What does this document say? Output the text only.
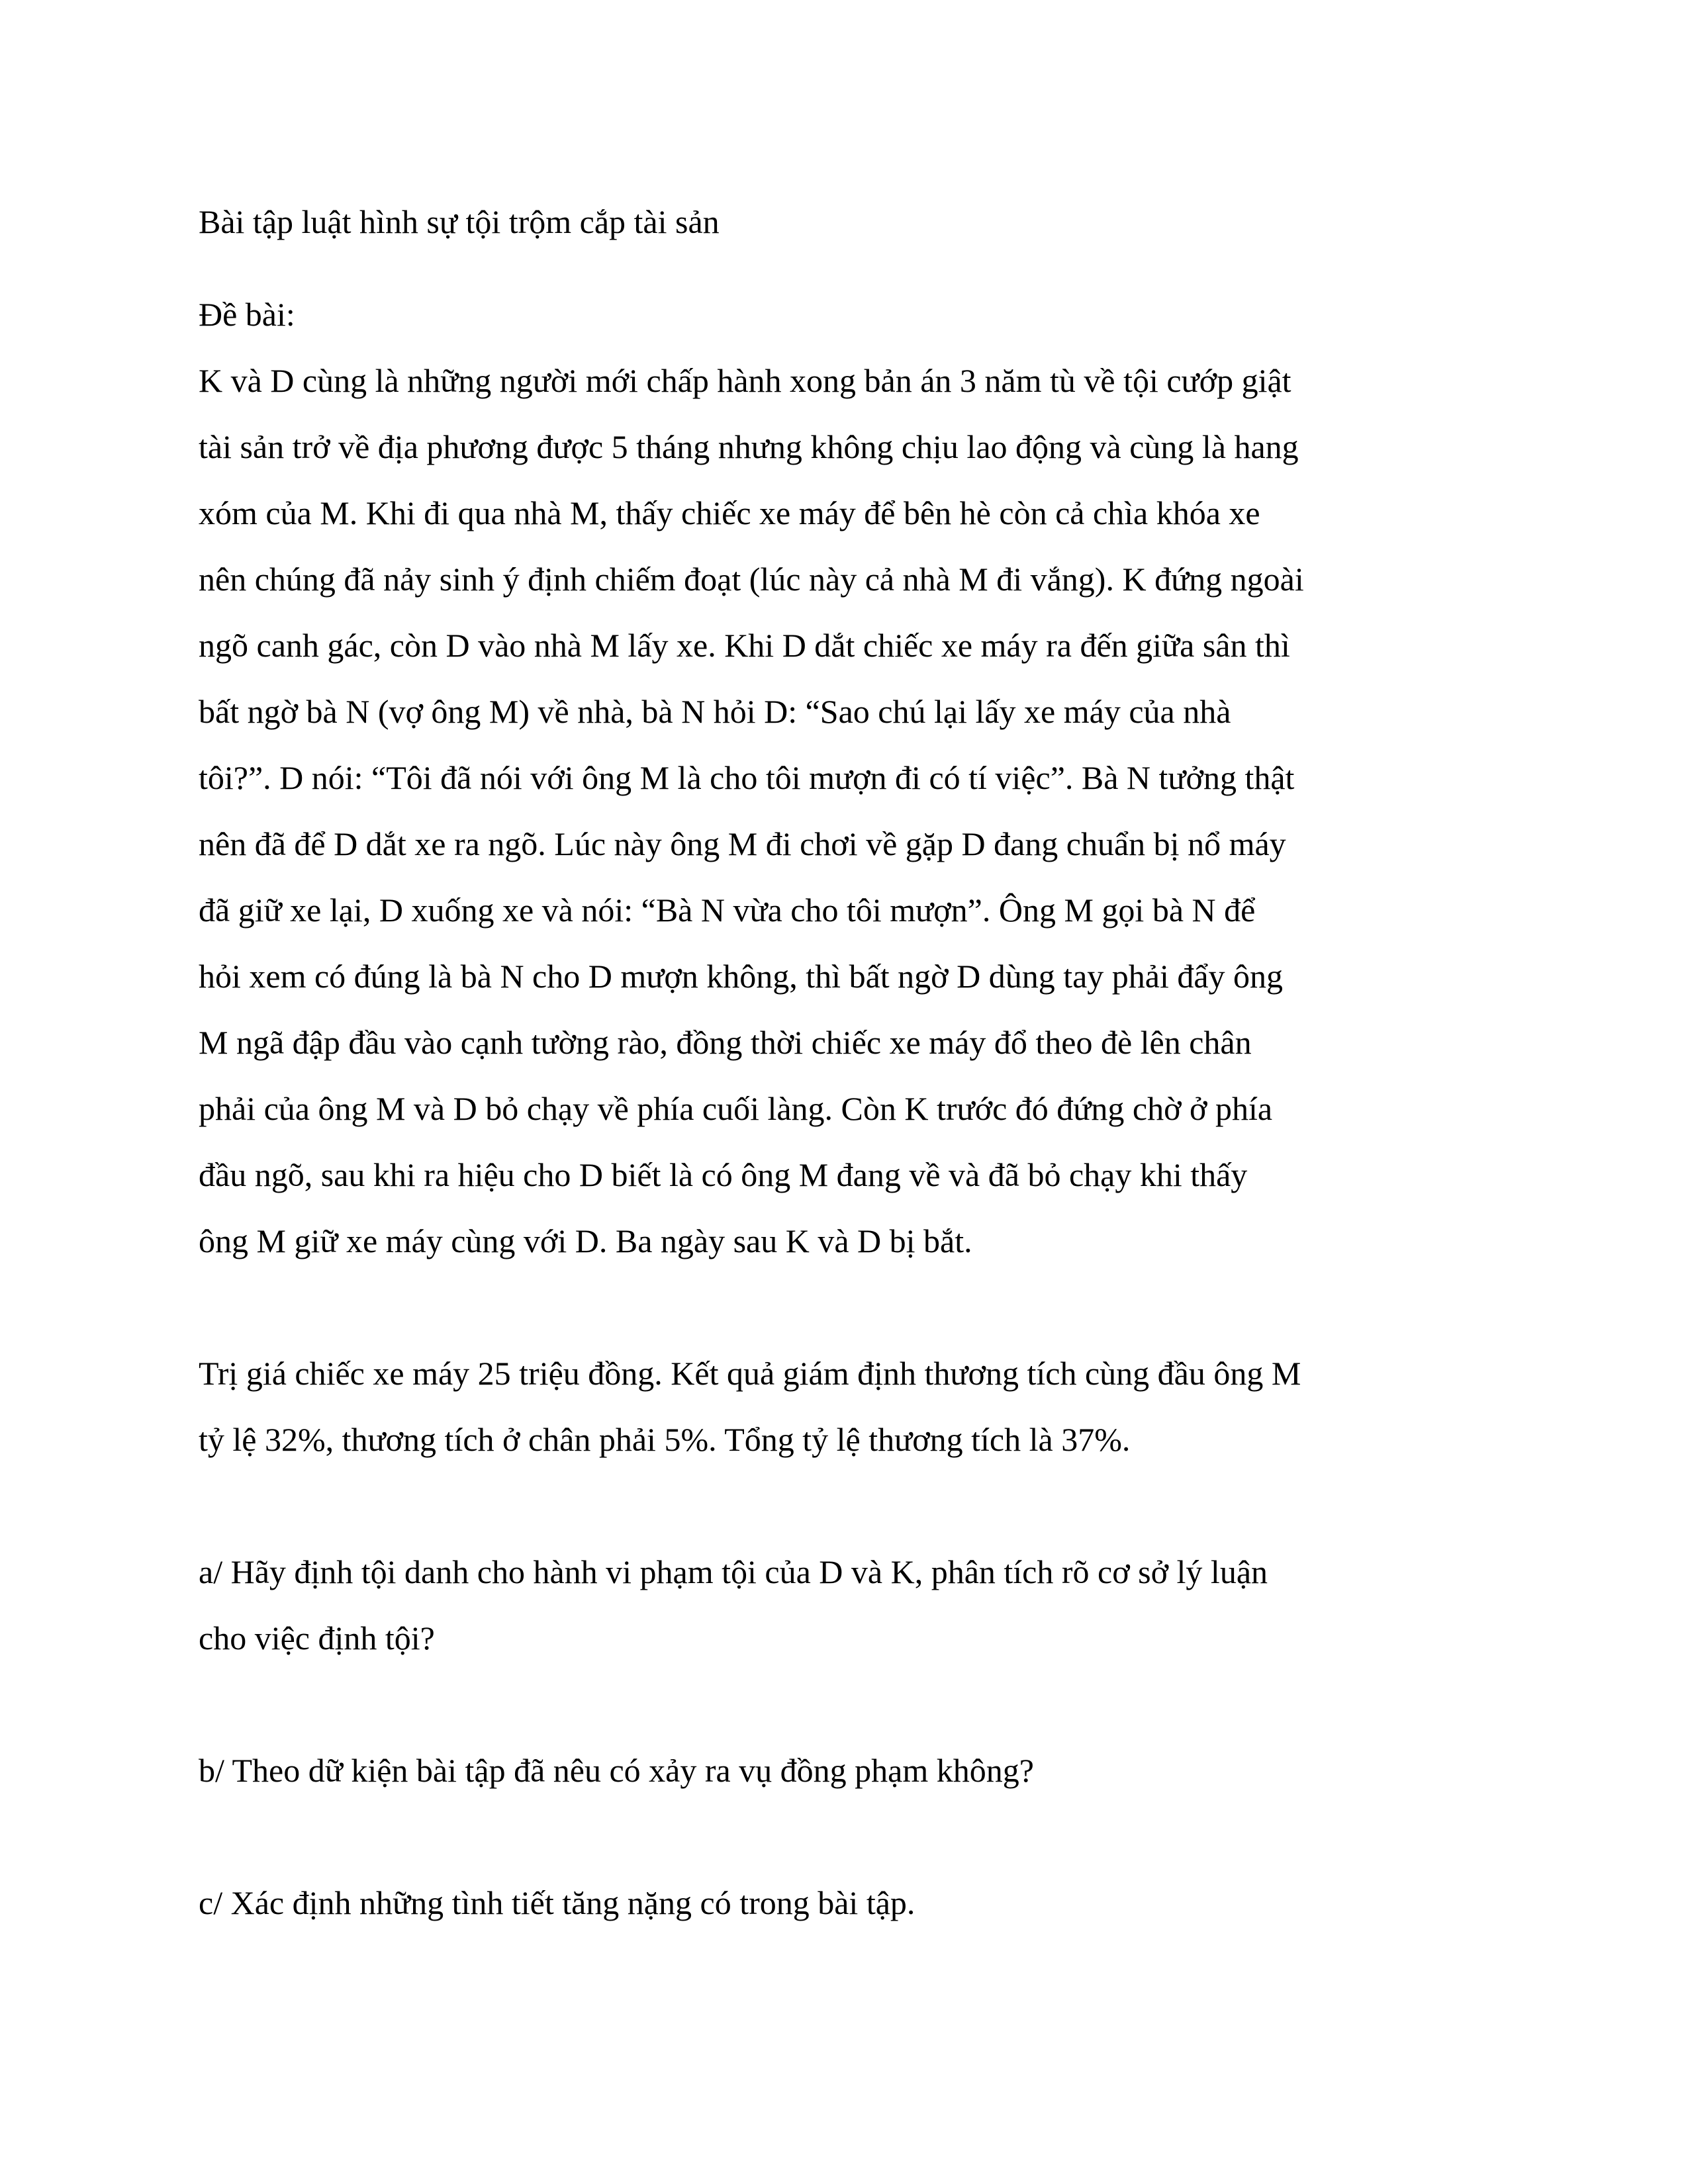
Bài tập luật hình sự tội trộm cắp tài sản

Đề bài:

K và D cùng là những người mới chấp hành xong bản án 3 năm tù về tội cướp giật
tài sản trở về địa phương được 5 tháng nhưng không chịu lao động và cùng là hang
xóm của M. Khi đi qua nhà M, thấy chiếc xe máy để bên hè còn cả chìa khóa xe
nên chúng đã nảy sinh ý định chiếm đoạt (lúc này cả nhà M đi vắng). K đứng ngoài
ngõ canh gác, còn D vào nhà M lấy xe. Khi D dắt chiếc xe máy ra đến giữa sân thì
bất ngờ bà N (vợ ông M) về nhà, bà N hỏi D: “Sao chú lại lấy xe máy của nhà
tôi?”. D nói: “Tôi đã nói với ông M là cho tôi mượn đi có tí việc”. Bà N tưởng thật
nên đã để D dắt xe ra ngõ. Lúc này ông M đi chơi về gặp D đang chuẩn bị nổ máy
đã giữ xe lại, D xuống xe và nói: “Bà N vừa cho tôi mượn”. Ông M gọi bà N để
hỏi xem có đúng là bà N cho D mượn không, thì bất ngờ D dùng tay phải đẩy ông
M ngã đập đầu vào cạnh tường rào, đồng thời chiếc xe máy đổ theo đè lên chân
phải của ông M và D bỏ chạy về phía cuối làng. Còn K trước đó đứng chờ ở phía
đầu ngõ, sau khi ra hiệu cho D biết là có ông M đang về và đã bỏ chạy khi thấy
ông M giữ xe máy cùng với D. Ba ngày sau K và D bị bắt.
Trị giá chiếc xe máy 25 triệu đồng. Kết quả giám định thương tích cùng đầu ông M
tỷ lệ 32%, thương tích ở chân phải 5%. Tổng tỷ lệ thương tích là 37%.
a/ Hãy định tội danh cho hành vi phạm tội của D và K, phân tích rõ cơ sở lý luận
cho việc định tội?

b/ Theo dữ kiện bài tập đã nêu có xảy ra vụ đồng phạm không?

c/ Xác định những tình tiết tăng nặng có trong bài tập.
